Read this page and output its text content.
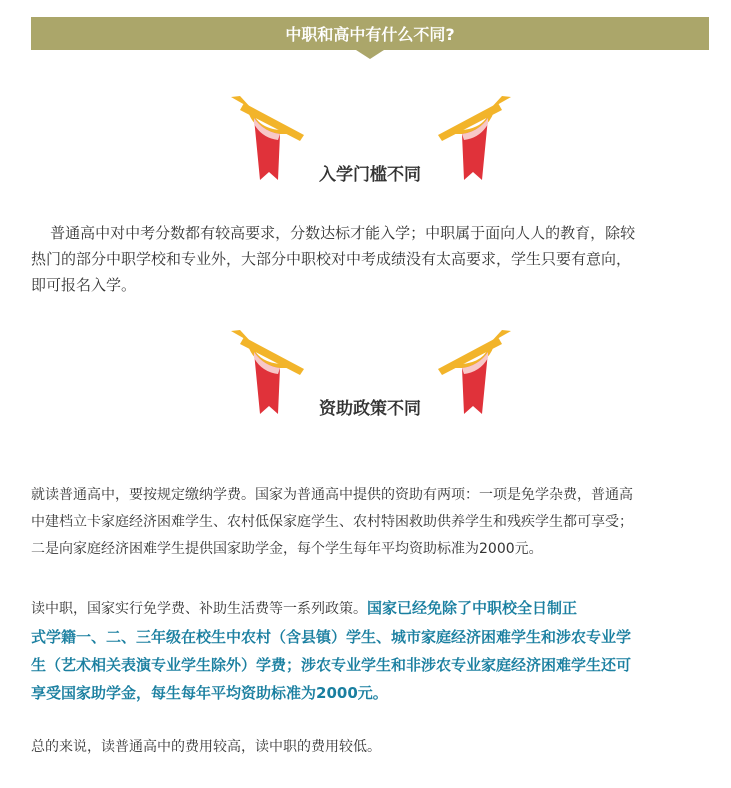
中职和高中有什么不同?
入学门槛不同

普通高中对中考分数都有较高要求，分数达标才能入学；中职属于面向人人的教育，除较
热门的部分中职学校和专业外，大部分中职校对中考成绩没有太高要求，学生只要有意向，
即可报名入学。

资助政策不同

就读普通高中，要按规定缴纳学费。国家为普通高中提供的资助有两项：一项是免学杂费，普通高
中建档立卡家庭经济困难学生、农村低保家庭学生、农村特困救助供养学生和残疾学生都可享受；
二是向家庭经济困难学生提供国家助学金，每个学生每年平均资助标准为2000元。

读中职，国家实行免学费、补助生活费等一系列政策。国家已经免除了中职校全日制正
式学籍一、二、三年级在校生中农村（含县镇）学生、城市家庭经济困难学生和涉农专业学
生（艺术相关表演专业学生除外）学费；涉农专业学生和非涉农专业家庭经济困难学生还可
享受国家助学金，每生每年平均资助标准为2000元。

总的来说，读普通高中的费用较高，读中职的费用较低。
